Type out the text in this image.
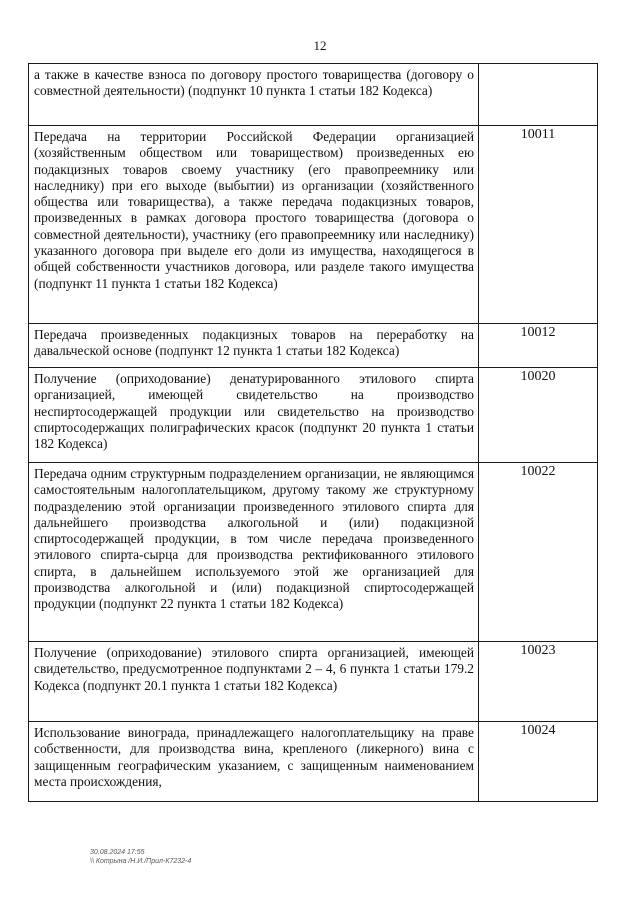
12
а также в качестве взноса по договору простого товарищества (договору о совместной деятельности) (подпункт 10 пункта 1 статьи 182 Кодекса)	
Передача на территории Российской Федерации организацией (хозяйственным обществом или товариществом) произведенных ею подакцизных товаров своему участнику (его правопреемнику или наследнику) при его выходе (выбытии) из организации (хозяйственного общества или товарищества), а также передача подакцизных товаров, произведенных в рамках договора простого товарищества (договора о совместной деятельности), участнику (его правопреемнику или наследнику) указанного договора при выделе его доли из имущества, находящегося в общей собственности участников договора, или разделе такого имущества (подпункт 11 пункта 1 статьи 182 Кодекса)	10011
Передача произведенных подакцизных товаров на переработку на давальческой основе (подпункт 12 пункта 1 статьи 182 Кодекса)	10012
Получение (оприходование) денатурированного этилового спирта организацией, имеющей свидетельство на производство неспиртосодержащей продукции или свидетельство на производство спиртосодержащих полиграфических красок (подпункт 20 пункта 1 статьи 182 Кодекса)	10020
Передача одним структурным подразделением организации, не являющимся самостоятельным налогоплательщиком, другому такому же структурному подразделению этой организации произведенного этилового спирта для дальнейшего производства алкогольной и (или) подакцизной спиртосодержащей продукции, в том числе передача произведенного этилового спирта-сырца для производства ректификованного этилового спирта, в дальнейшем используемого этой же организацией для производства алкогольной и (или) подакцизной спиртосодержащей продукции (подпункт 22 пункта 1 статьи 182 Кодекса)	10022
Получение (оприходование) этилового спирта организацией, имеющей свидетельство, предусмотренное подпунктами 2 – 4, 6 пункта 1 статьи 179.2 Кодекса (подпункт 20.1 пункта 1 статьи 182 Кодекса)	10023
Использование винограда, принадлежащего налогоплательщику на праве собственности, для производства вина, крепленого (ликерного) вина с защищенным географическим указанием, с защищенным наименованием места происхождения,	10024
30.08.2024 17:55
\\ Котрына /Н.И./Прил-К7232-4
